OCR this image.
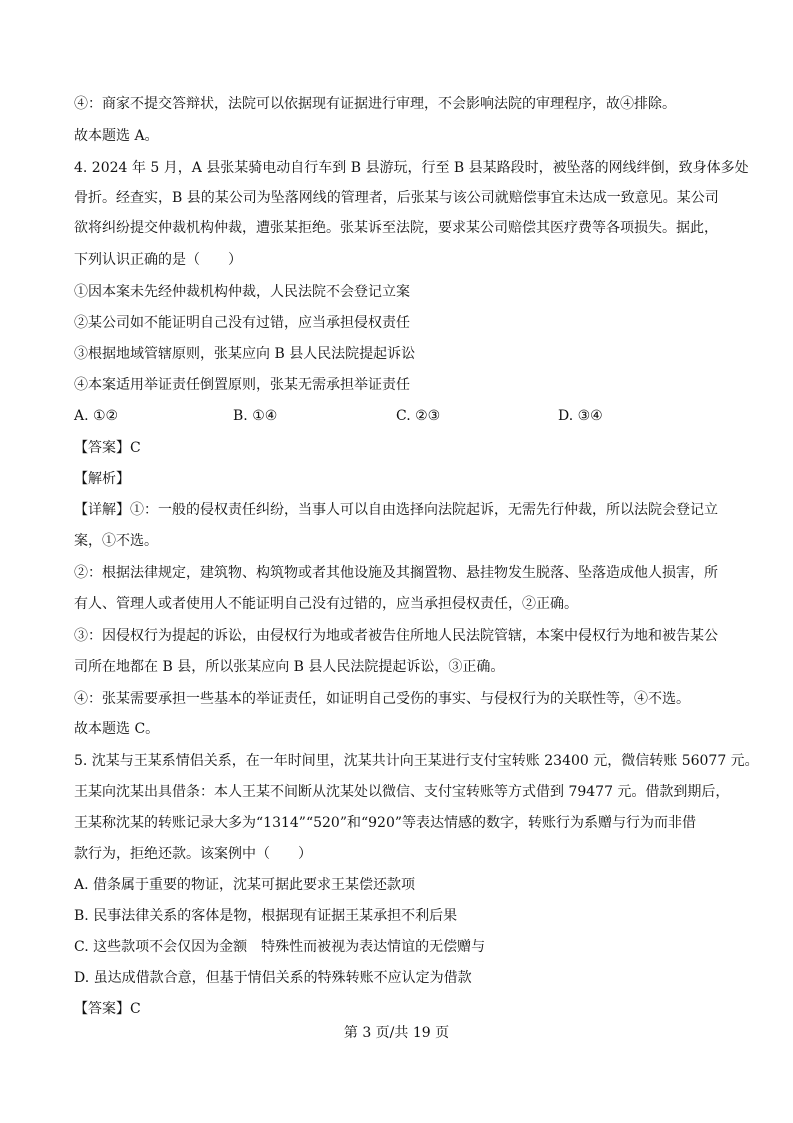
④：商家不提交答辩状，法院可以依据现有证据进行审理，不会影响法院的审理程序，故④排除。
故本题选 A。
4. 2024 年 5 月，A 县张某骑电动自行车到 B 县游玩，行至 B 县某路段时，被坠落的网线绊倒，致身体多处
骨折。经查实，B 县的某公司为坠落网线的管理者，后张某与该公司就赔偿事宜未达成一致意见。某公司
欲将纠纷提交仲裁机构仲裁，遭张某拒绝。张某诉至法院，要求某公司赔偿其医疗费等各项损失。据此，
下列认识正确的是（　　）
①因本案未先经仲裁机构仲裁，人民法院不会登记立案
②某公司如不能证明自己没有过错，应当承担侵权责任
③根据地域管辖原则，张某应向 B 县人民法院提起诉讼
④本案适用举证责任倒置原则，张某无需承担举证责任
A. ①②	B. ①④	C. ②③	D. ③④
【答案】C
【解析】
【详解】①：一般的侵权责任纠纷，当事人可以自由选择向法院起诉，无需先行仲裁，所以法院会登记立
案，①不选。
②：根据法律规定，建筑物、构筑物或者其他设施及其搁置物、悬挂物发生脱落、坠落造成他人损害，所
有人、管理人或者使用人不能证明自己没有过错的，应当承担侵权责任，②正确。
③：因侵权行为提起的诉讼，由侵权行为地或者被告住所地人民法院管辖，本案中侵权行为地和被告某公
司所在地都在 B 县，所以张某应向 B 县人民法院提起诉讼，③正确。
④：张某需要承担一些基本的举证责任，如证明自己受伤的事实、与侵权行为的关联性等，④不选。
故本题选 C。
5. 沈某与王某系情侣关系，在一年时间里，沈某共计向王某进行支付宝转账 23400 元，微信转账 56077 元。
王某向沈某出具借条：本人王某不间断从沈某处以微信、支付宝转账等方式借到 79477 元。借款到期后，
王某称沈某的转账记录大多为“1314”“520”和“920”等表达情感的数字，转账行为系赠与行为而非借
款行为，拒绝还款。该案例中（　　）
A. 借条属于重要的物证，沈某可据此要求王某偿还款项
B. 民事法律关系的客体是物，根据现有证据王某承担不利后果
C. 这些款项不会仅因为金额　特殊性而被视为表达情谊的无偿赠与
D. 虽达成借款合意，但基于情侣关系的特殊转账不应认定为借款
【答案】C
第 3 页/共 19 页
